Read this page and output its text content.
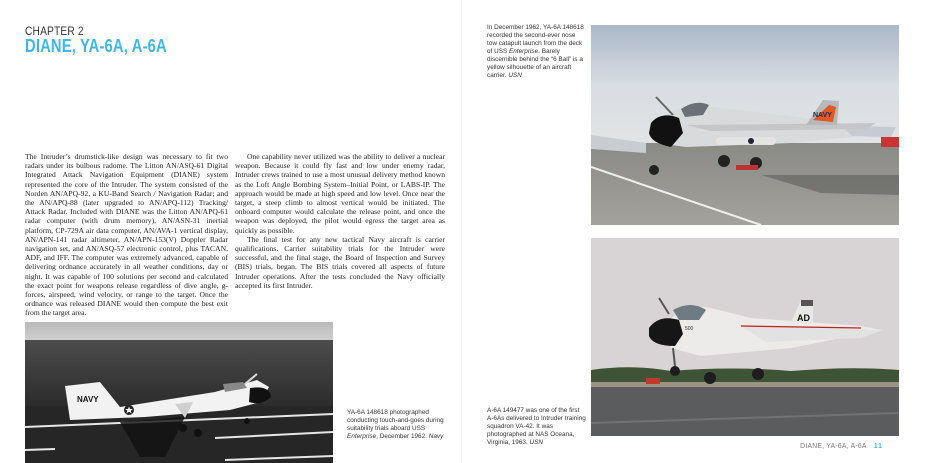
CHAPTER 2
DIANE, YA-6A, A-6A

The Intruder’s drumstick-like design was necessary to fit two radars under its bulbous radome. The Litton AN/ASQ-61 Digital Integrated Attack Navigation Equipment (DIANE) system represented the core of the Intruder. The system consisted of the Norden AN/APQ-92, a KU-Band Search / Navigation Radar; and the AN/APQ-88 (later upgraded to AN/APQ-112) Tracking/ Attack Radar. Included with DIANE was the Litton AN/APQ-61 radar computer (with drum memory), AN/ASN-31 inertial platform, CP-729A air data computer, AN/AVA-1 vertical display, AN/APN-141 radar altimeter, AN/APN-153(V) Doppler Radar navigation set, and AN/ASQ-57 electronic control, plus TACAN, ADF, and IFF. The computer was extremely advanced, capable of delivering ordnance accurately in all weather conditions, day or night. It was capable of 100 solutions per second and calculated the exact point for weapons release regardless of dive angle, g-forces, airspeed, wind velocity, or range to the target. Once the ordnance was released DIANE would then compute the best exit from the target area.

One capability never utilized was the ability to deliver a nuclear weapon. Because it could fly fast and low under enemy radar, Intruder crews trained to use a most unusual delivery method known as the Loft Angle Bombing System–Initial Point, or LABS-IP. The approach would be made at high speed and low level. Once near the target, a steep climb to almost vertical would be initiated. The onboard computer would calculate the release point, and once the weapon was deployed, the pilot would egress the target area as quickly as possible.

The final test for any new tactical Navy aircraft is carrier qualifications. Carrier suitability trials for the Intruder were successful, and the final stage, the Board of Inspection and Survey (BIS) trials, began. The BIS trials covered all aspects of future Intruder operations. After the tests concluded the Navy officially accepted its first Intruder.

NAVY
YA-6A 148618 photographed conducting touch-and-goes during suitability trials aboard USS Enterprise, December 1962. Navy
In December 1962, YA-6A 148618 recorded the second-ever nose tow catapult launch from the deck of USS Enterprise. Barely discernible behind the “6 Ball” is a yellow silhouette of an aircraft carrier. USN
NAVY
AD
500
A-6A 149477 was one of the first A-6As delivered to Intruder training squadron VA-42. It was photographed at NAS Oceana, Virginia, 1963. USN	DIANE, YA-6A, A-6A 11
